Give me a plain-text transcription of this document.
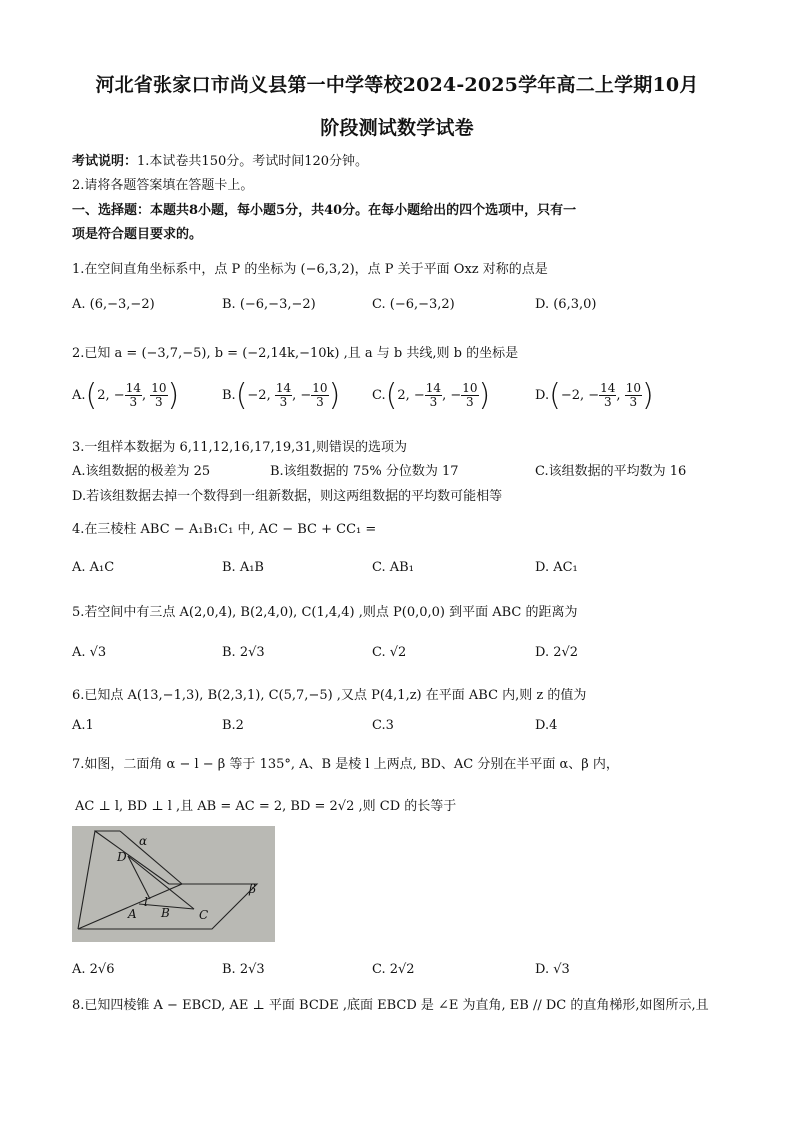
河北省张家口市尚义县第一中学等校2024-2025学年高二上学期10月
阶段测试数学试卷
考试说明：1.本试卷共150分。考试时间120分钟。
2.请将各题答案填在答题卡上。
一、选择题：本题共8小题，每小题5分，共40分。在每小题给出的四个选项中，只有一
项是符合题目要求的。
1.在空间直角坐标系中，点 P 的坐标为 (−6,3,2)，点 P 关于平面 Oxz 对称的点是
A. (6,−3,−2)	B. (−6,−3,−2)	C. (−6,−3,2)	D. (6,3,0)
2.已知 a = (−3,7,−5), b = (−2,14k,−10k) ,且 a 与 b 共线,则 b 的坐标是
A.(2, − $\frac{14}{3}$ , $\frac{10}{3}$ )	B.(−2, $\frac{14}{3}$ , − $\frac{10}{3}$ ) C.(2, − $\frac{14}{3}$ , − $\frac{10}{3}$ )	D.(−2, − $\frac{14}{3}$ , $\frac{10}{3}$ )
3.一组样本数据为 6,11,12,16,17,19,31,则错误的选项为
A.该组数据的极差为 25	B.该组数据的 75% 分位数为 17	C.该组数据的平均数为 16
D.若该组数据去掉一个数得到一组新数据，则这两组数据的平均数可能相等
4.在三棱柱 ABC − A₁B₁C₁ 中, AC − BC + CC₁ =
A. A₁C	B. A₁B	C. AB₁	D. AC₁
5.若空间中有三点 A(2,0,4), B(2,4,0), C(1,4,4) ,则点 P(0,0,0) 到平面 ABC 的距离为
A. √3	B. 2√3	C. √2	D. 2√2
6.已知点 A(13,−1,3), B(2,3,1), C(5,7,−5) ,又点 P(4,1,z) 在平面 ABC 内,则 z 的值为
A.1	B.2	C.3	D.4
7.如图，二面角 α − l − β 等于 135°, A、B 是棱 l 上两点, BD、AC 分别在半平面 α、β 内，
AC ⊥ l, BD ⊥ l ,且 AB = AC = 2, BD = 2√2 ,则 CD 的长等于
α
β
D
A
l
B C
A. 2√6	B. 2√3	C. 2√2	D. √3
8.已知四棱锥 A − EBCD, AE ⊥ 平面 BCDE ,底面 EBCD 是 ∠E 为直角, EB // DC 的直角梯形,如图所示,且
